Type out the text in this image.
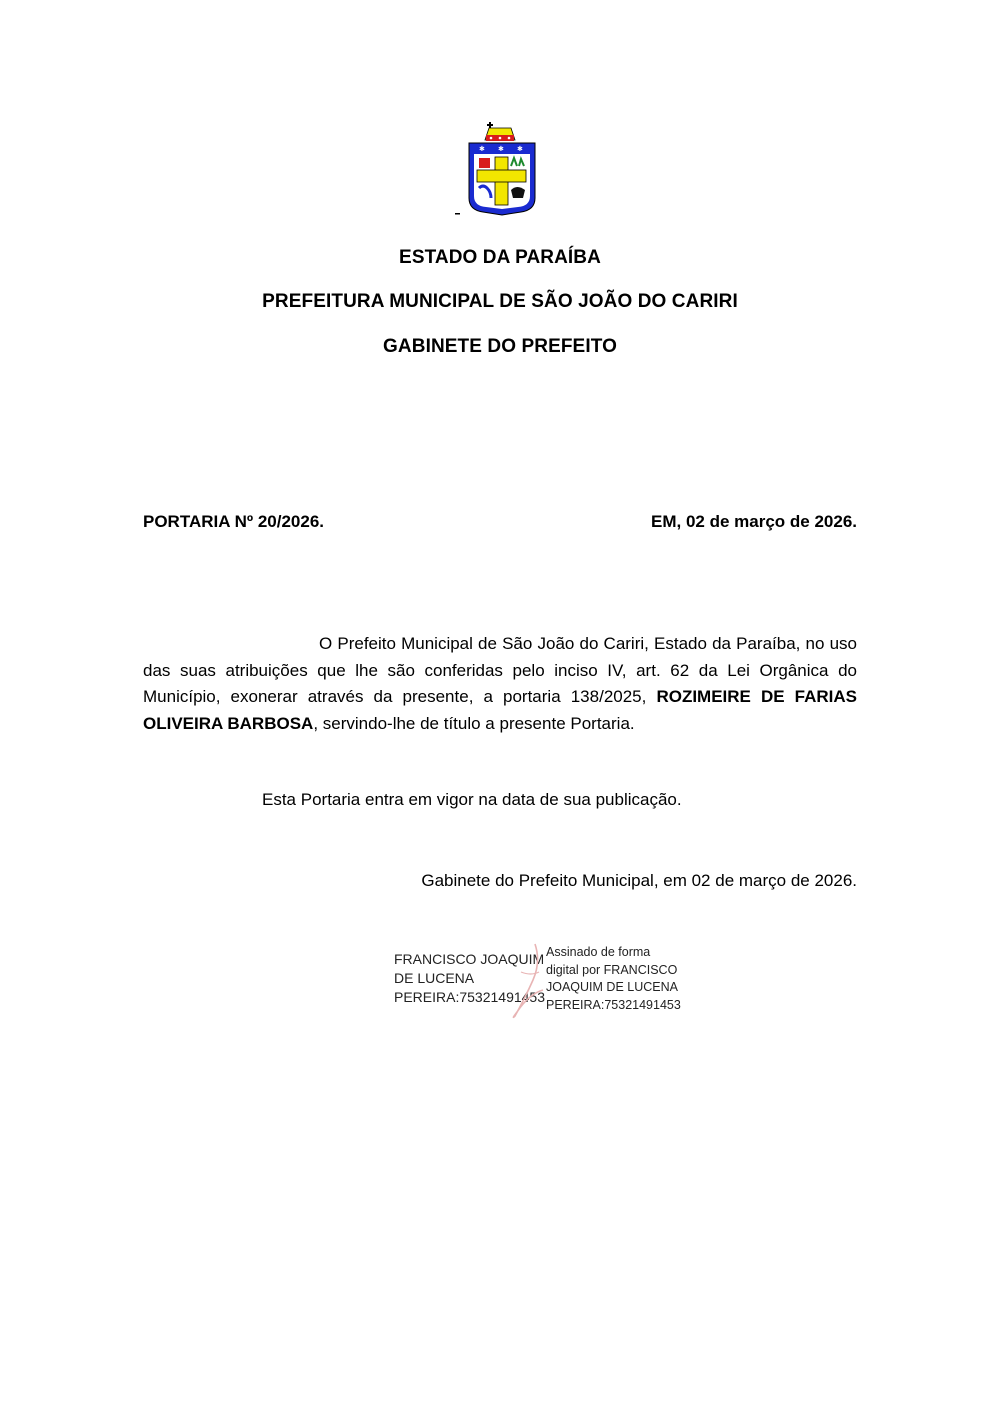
✱ ✱ ✱
ESTADO DA PARAÍBA
PREFEITURA MUNICIPAL DE SÃO JOÃO DO CARIRI
GABINETE DO PREFEITO
PORTARIA Nº 20/2026.	EM, 02 de março de 2026.
O Prefeito Municipal de São João do Cariri, Estado da Paraíba, no uso das suas atribuições que lhe são conferidas pelo inciso IV, art. 62 da Lei Orgânica do Município, exonerar através da presente, a portaria 138/2025, ROZIMEIRE DE FARIAS OLIVEIRA BARBOSA, servindo-lhe de título a presente Portaria.
Esta Portaria entra em vigor na data de sua publicação.
Gabinete do Prefeito Municipal, em 02 de março de 2026.
FRANCISCO JOAQUIM
DE LUCENA
PEREIRA:75321491453
Assinado de forma
digital por FRANCISCO
JOAQUIM DE LUCENA
PEREIRA:75321491453
